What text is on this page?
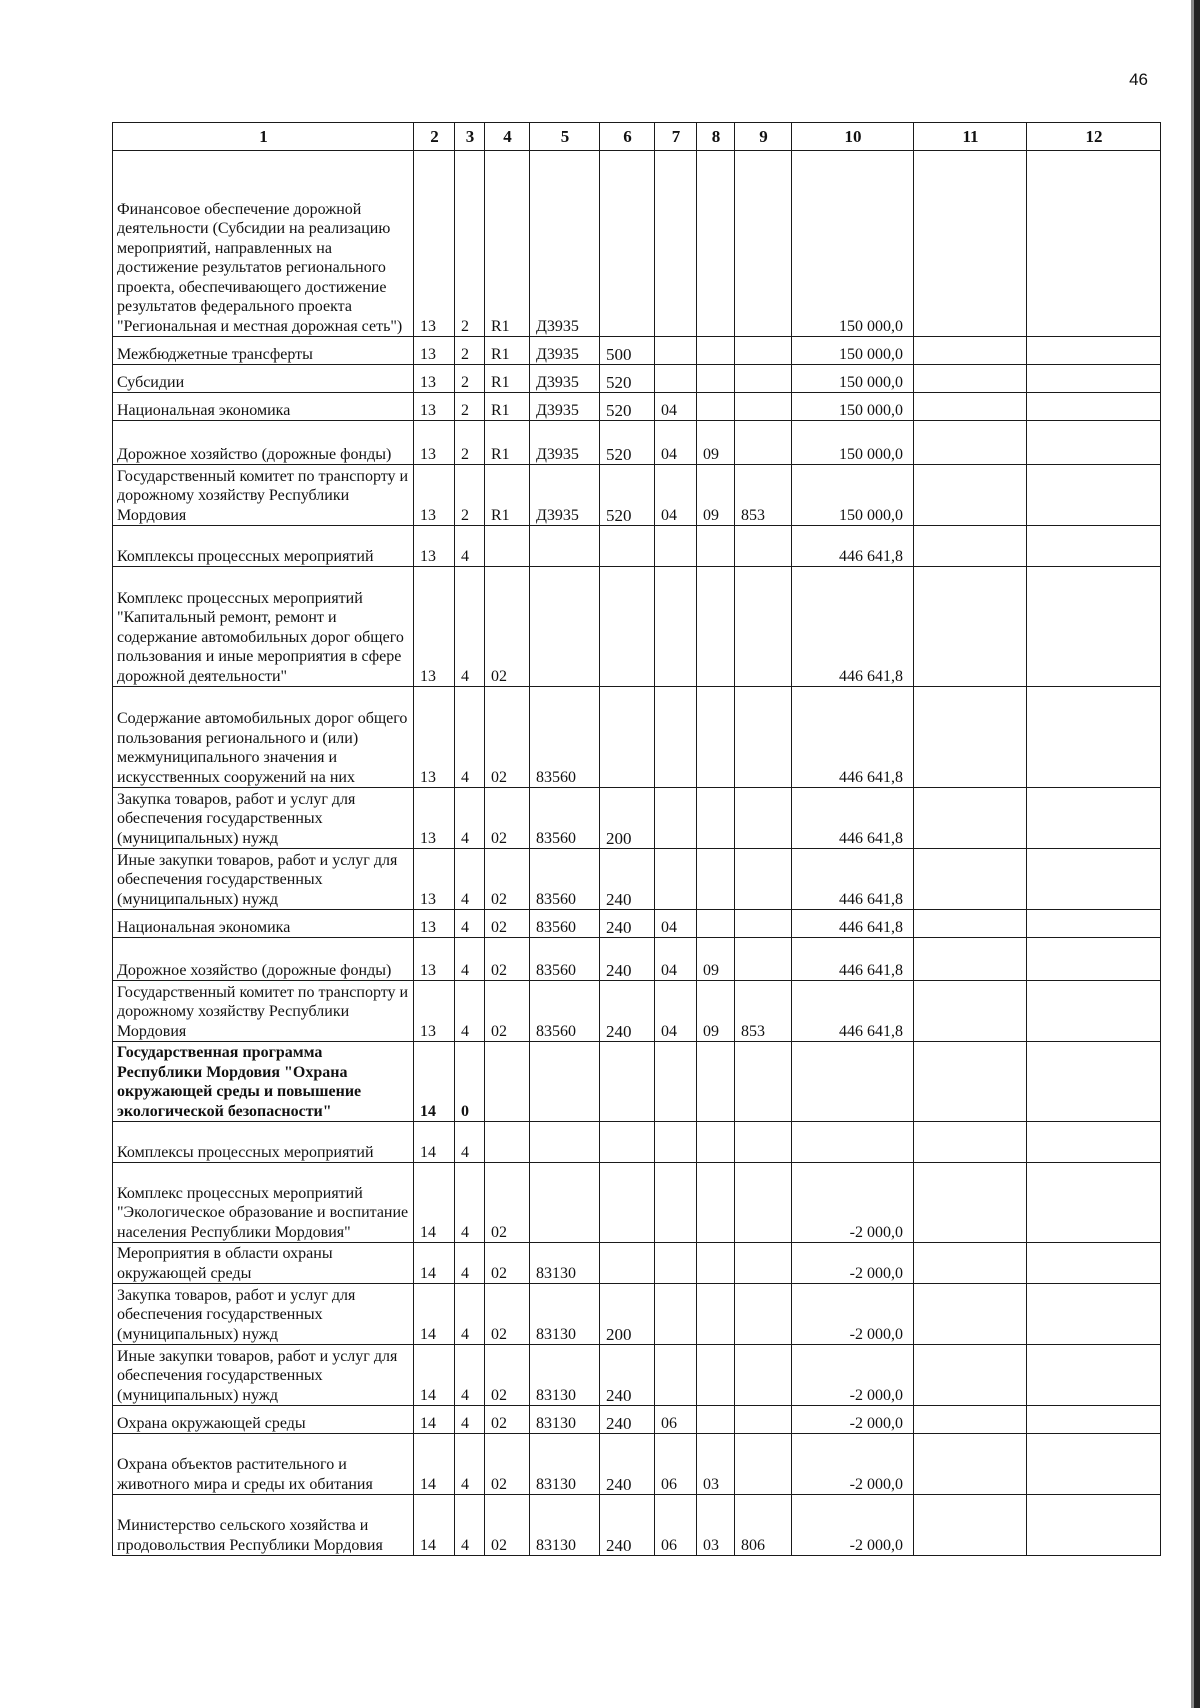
46
1	2	3	4	5	6	7	8	9	10	11	12
Финансовое обеспечение дорожной деятельности (Субсидии на реализацию мероприятий, направленных на достижение результатов регионального проекта, обеспечивающего достижение результатов федерального проекта "Региональная и местная дорожная сеть")	13	2	R1	Д3935					150 000,0		
Межбюджетные трансферты	13	2	R1	Д3935	500				150 000,0		
Субсидии	13	2	R1	Д3935	520				150 000,0		
Национальная экономика	13	2	R1	Д3935	520	04			150 000,0		
Дорожное хозяйство (дорожные фонды)	13	2	R1	Д3935	520	04	09		150 000,0		
Государственный комитет по транспорту и дорожному хозяйству Республики Мордовия	13	2	R1	Д3935	520	04	09	853	150 000,0		
Комплексы процессных мероприятий	13	4							446 641,8		
Комплекс процессных мероприятий "Капитальный ремонт, ремонт и содержание автомобильных дорог общего пользования и иные мероприятия в сфере дорожной деятельности"	13	4	02						446 641,8		
Содержание автомобильных дорог общего пользования регионального и (или) межмуниципального значения и искусственных сооружений на них	13	4	02	83560					446 641,8		
Закупка товаров, работ и услуг для обеспечения государственных (муниципальных) нужд	13	4	02	83560	200				446 641,8		
Иные закупки товаров, работ и услуг для обеспечения государственных (муниципальных) нужд	13	4	02	83560	240				446 641,8		
Национальная экономика	13	4	02	83560	240	04			446 641,8		
Дорожное хозяйство (дорожные фонды)	13	4	02	83560	240	04	09		446 641,8		
Государственный комитет по транспорту и дорожному хозяйству Республики Мордовия	13	4	02	83560	240	04	09	853	446 641,8		
Государственная программа Республики Мордовия "Охрана окружающей среды и повышение экологической безопасности"	14	0									
Комплексы процессных мероприятий	14	4									
Комплекс процессных мероприятий "Экологическое образование и воспитание населения Республики Мордовия"	14	4	02						-2 000,0		
Мероприятия в области охраны окружающей среды	14	4	02	83130					-2 000,0		
Закупка товаров, работ и услуг для обеспечения государственных (муниципальных) нужд	14	4	02	83130	200				-2 000,0		
Иные закупки товаров, работ и услуг для обеспечения государственных (муниципальных) нужд	14	4	02	83130	240				-2 000,0		
Охрана окружающей среды	14	4	02	83130	240	06			-2 000,0		
Охрана объектов растительного и животного мира и среды их обитания	14	4	02	83130	240	06	03		-2 000,0		
Министерство сельского хозяйства и продовольствия Республики Мордовия	14	4	02	83130	240	06	03	806	-2 000,0		
